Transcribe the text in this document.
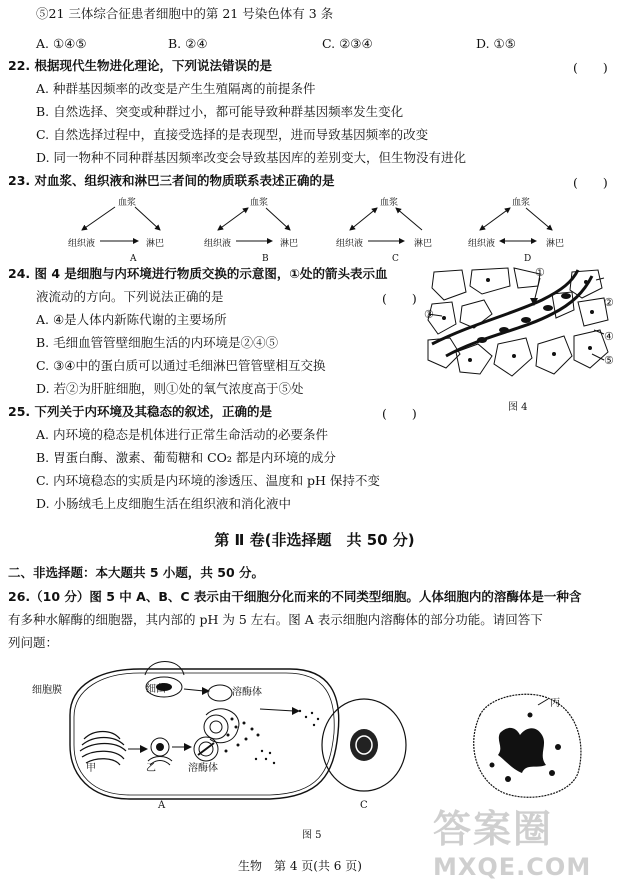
⑤21 三体综合征患者细胞中的第 21 号染色体有 3 条
A. ①④⑤	B. ②④	C. ②③④	D. ①⑤
22. 根据现代生物进化理论，下列说法错误的是	(　　)
A. 种群基因频率的改变是产生生殖隔离的前提条件
B. 自然选择、突变或种群过小，都可能导致种群基因频率发生变化
C. 自然选择过程中，直接受选择的是表现型，进而导致基因频率的改变
D. 同一物种不同种群基因频率改变会导致基因库的差别变大，但生物没有进化
23. 对血浆、组织液和淋巴三者间的物质联系表述正确的是	(　　)
血浆
组织液	淋巴
A
血浆
组织液	淋巴
B
血浆
组织液	淋巴
C
血浆
组织液	淋巴
D
24. 图 4 是细胞与内环境进行物质交换的示意图，①处的箭头表示血
液流动的方向。下列说法正确的是	(　　)
A. ④是人体内新陈代谢的主要场所
B. 毛细血管管壁细胞生活的内环境是②④⑤
C. ③④中的蛋白质可以通过毛细淋巴管管壁相互交换
D. 若②为肝脏细胞，则①处的氧气浓度高于⑤处
①
②
③
④
⑤
图 4
25. 下列关于内环境及其稳态的叙述，正确的是	(　　)
A. 内环境的稳态是机体进行正常生命活动的必要条件
B. 胃蛋白酶、激素、葡萄糖和 CO₂ 都是内环境的成分
C. 内环境稳态的实质是内环境的渗透压、温度和 pH 保持不变
D. 小肠绒毛上皮细胞生活在组织液和消化液中
第 Ⅱ 卷(非选择题　共 50 分)
二、非选择题：本大题共 5 小题，共 50 分。
26.（10 分）图 5 中 A、B、C 表示由干细胞分化而来的不同类型细胞。人体细胞内的溶酶体是一种含
有多种水解酶的细胞器，其内部的 pH 为 5 左右。图 A 表示细胞内溶酶体的部分功能。请回答下
列问题：
细胞膜	细菌	溶酶体
溶酶体
甲	乙
丙
A	C
图 5
生物　第 4 页(共 6 页)
答案圈
MXQE.COM
